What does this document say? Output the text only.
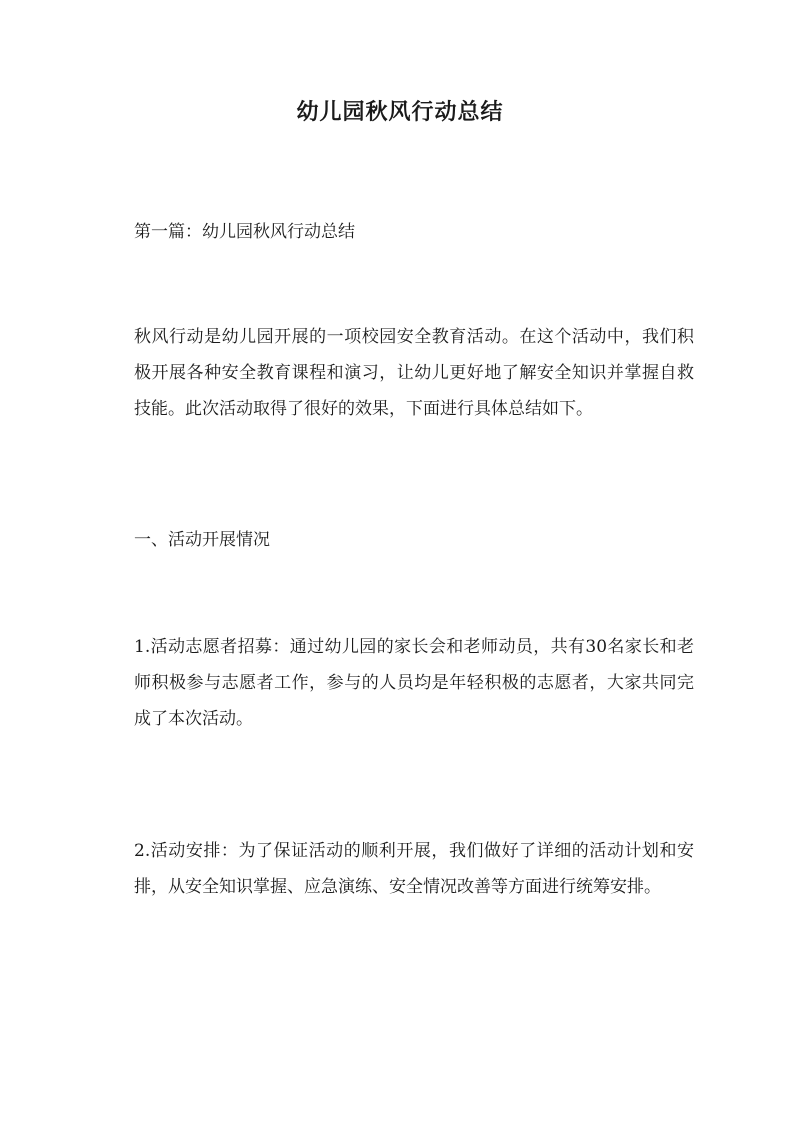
幼儿园秋风行动总结

第一篇：幼儿园秋风行动总结

秋风行动是幼儿园开展的一项校园安全教育活动。在这个活动中，我们积极开展各种安全教育课程和演习，让幼儿更好地了解安全知识并掌握自救技能。此次活动取得了很好的效果，下面进行具体总结如下。

一、活动开展情况

1.活动志愿者招募：通过幼儿园的家长会和老师动员，共有30名家长和老师积极参与志愿者工作，参与的人员均是年轻积极的志愿者，大家共同完成了本次活动。

2.活动安排：为了保证活动的顺利开展，我们做好了详细的活动计划和安排，从安全知识掌握、应急演练、安全情况改善等方面进行统筹安排。
